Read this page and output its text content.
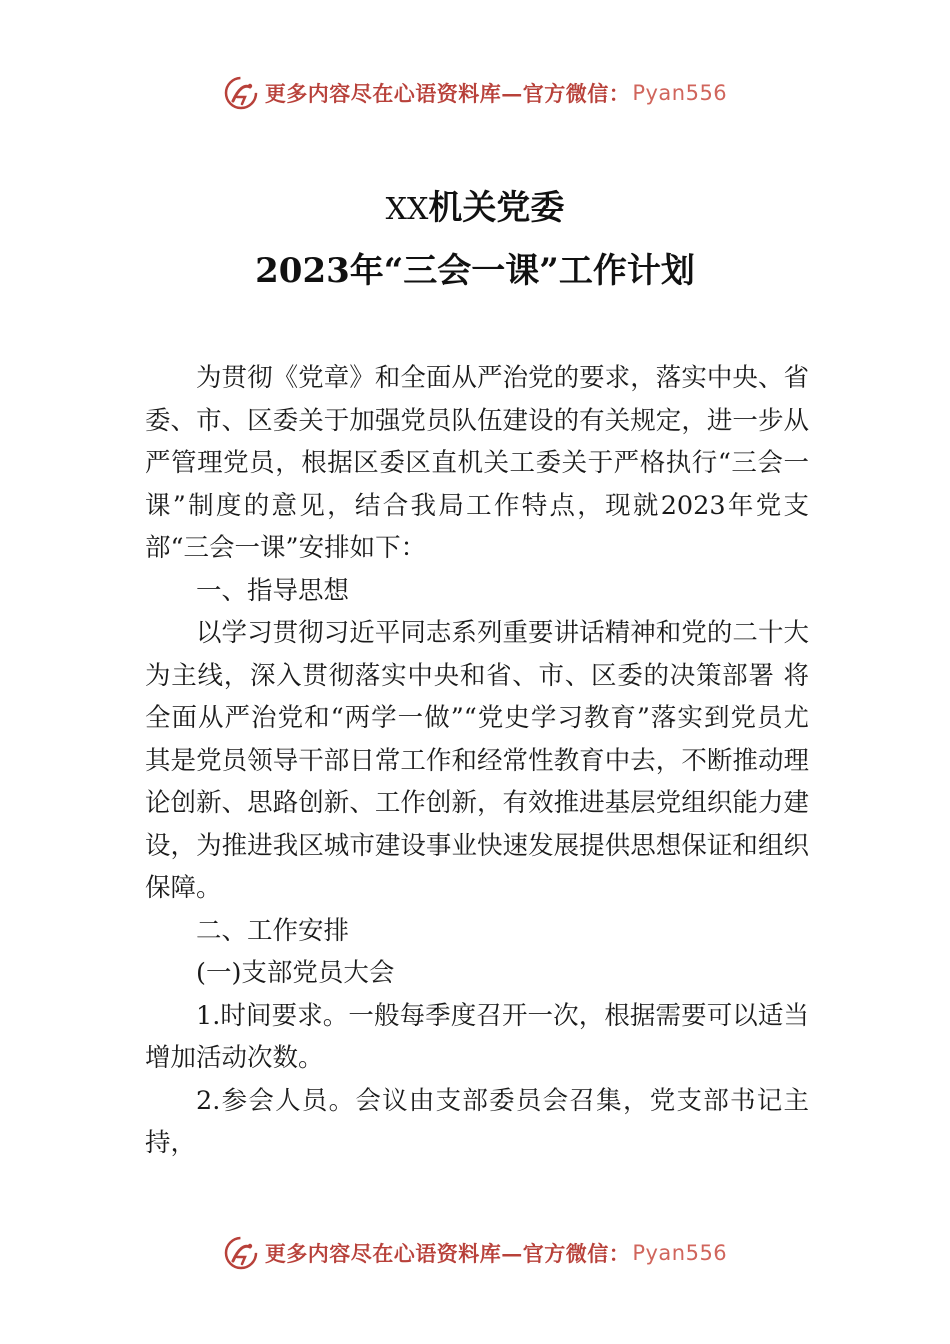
更多内容尽在心语资料库—官方微信： Pyan556
XX机关党委
2023年“三会一课”工作计划

为贯彻《党章》和全面从严治党的要求，落实中央、省委、市、区委关于加强党员队伍建设的有关规定，进一步从严管理党员，根据区委区直机关工委关于严格执行“三会一课”制度的意见，结合我局工作特点，现就2023年党支部“三会一课”安排如下：

一、指导思想

以学习贯彻习近平同志系列重要讲话精神和党的二十大为主线，深入贯彻落实中央和省、市、区委的决策部署 将全面从严治党和“两学一做”“党史学习教育”落实到党员尤其是党员领导干部日常工作和经常性教育中去，不断推动理论创新、思路创新、工作创新，有效推进基层党组织能力建设，为推进我区城市建设事业快速发展提供思想保证和组织保障。

二、工作安排

(一)支部党员大会

1.时间要求。一般每季度召开一次，根据需要可以适当增加活动次数。

2.参会人员。会议由支部委员会召集，党支部书记主持，

更多内容尽在心语资料库—官方微信： Pyan556
